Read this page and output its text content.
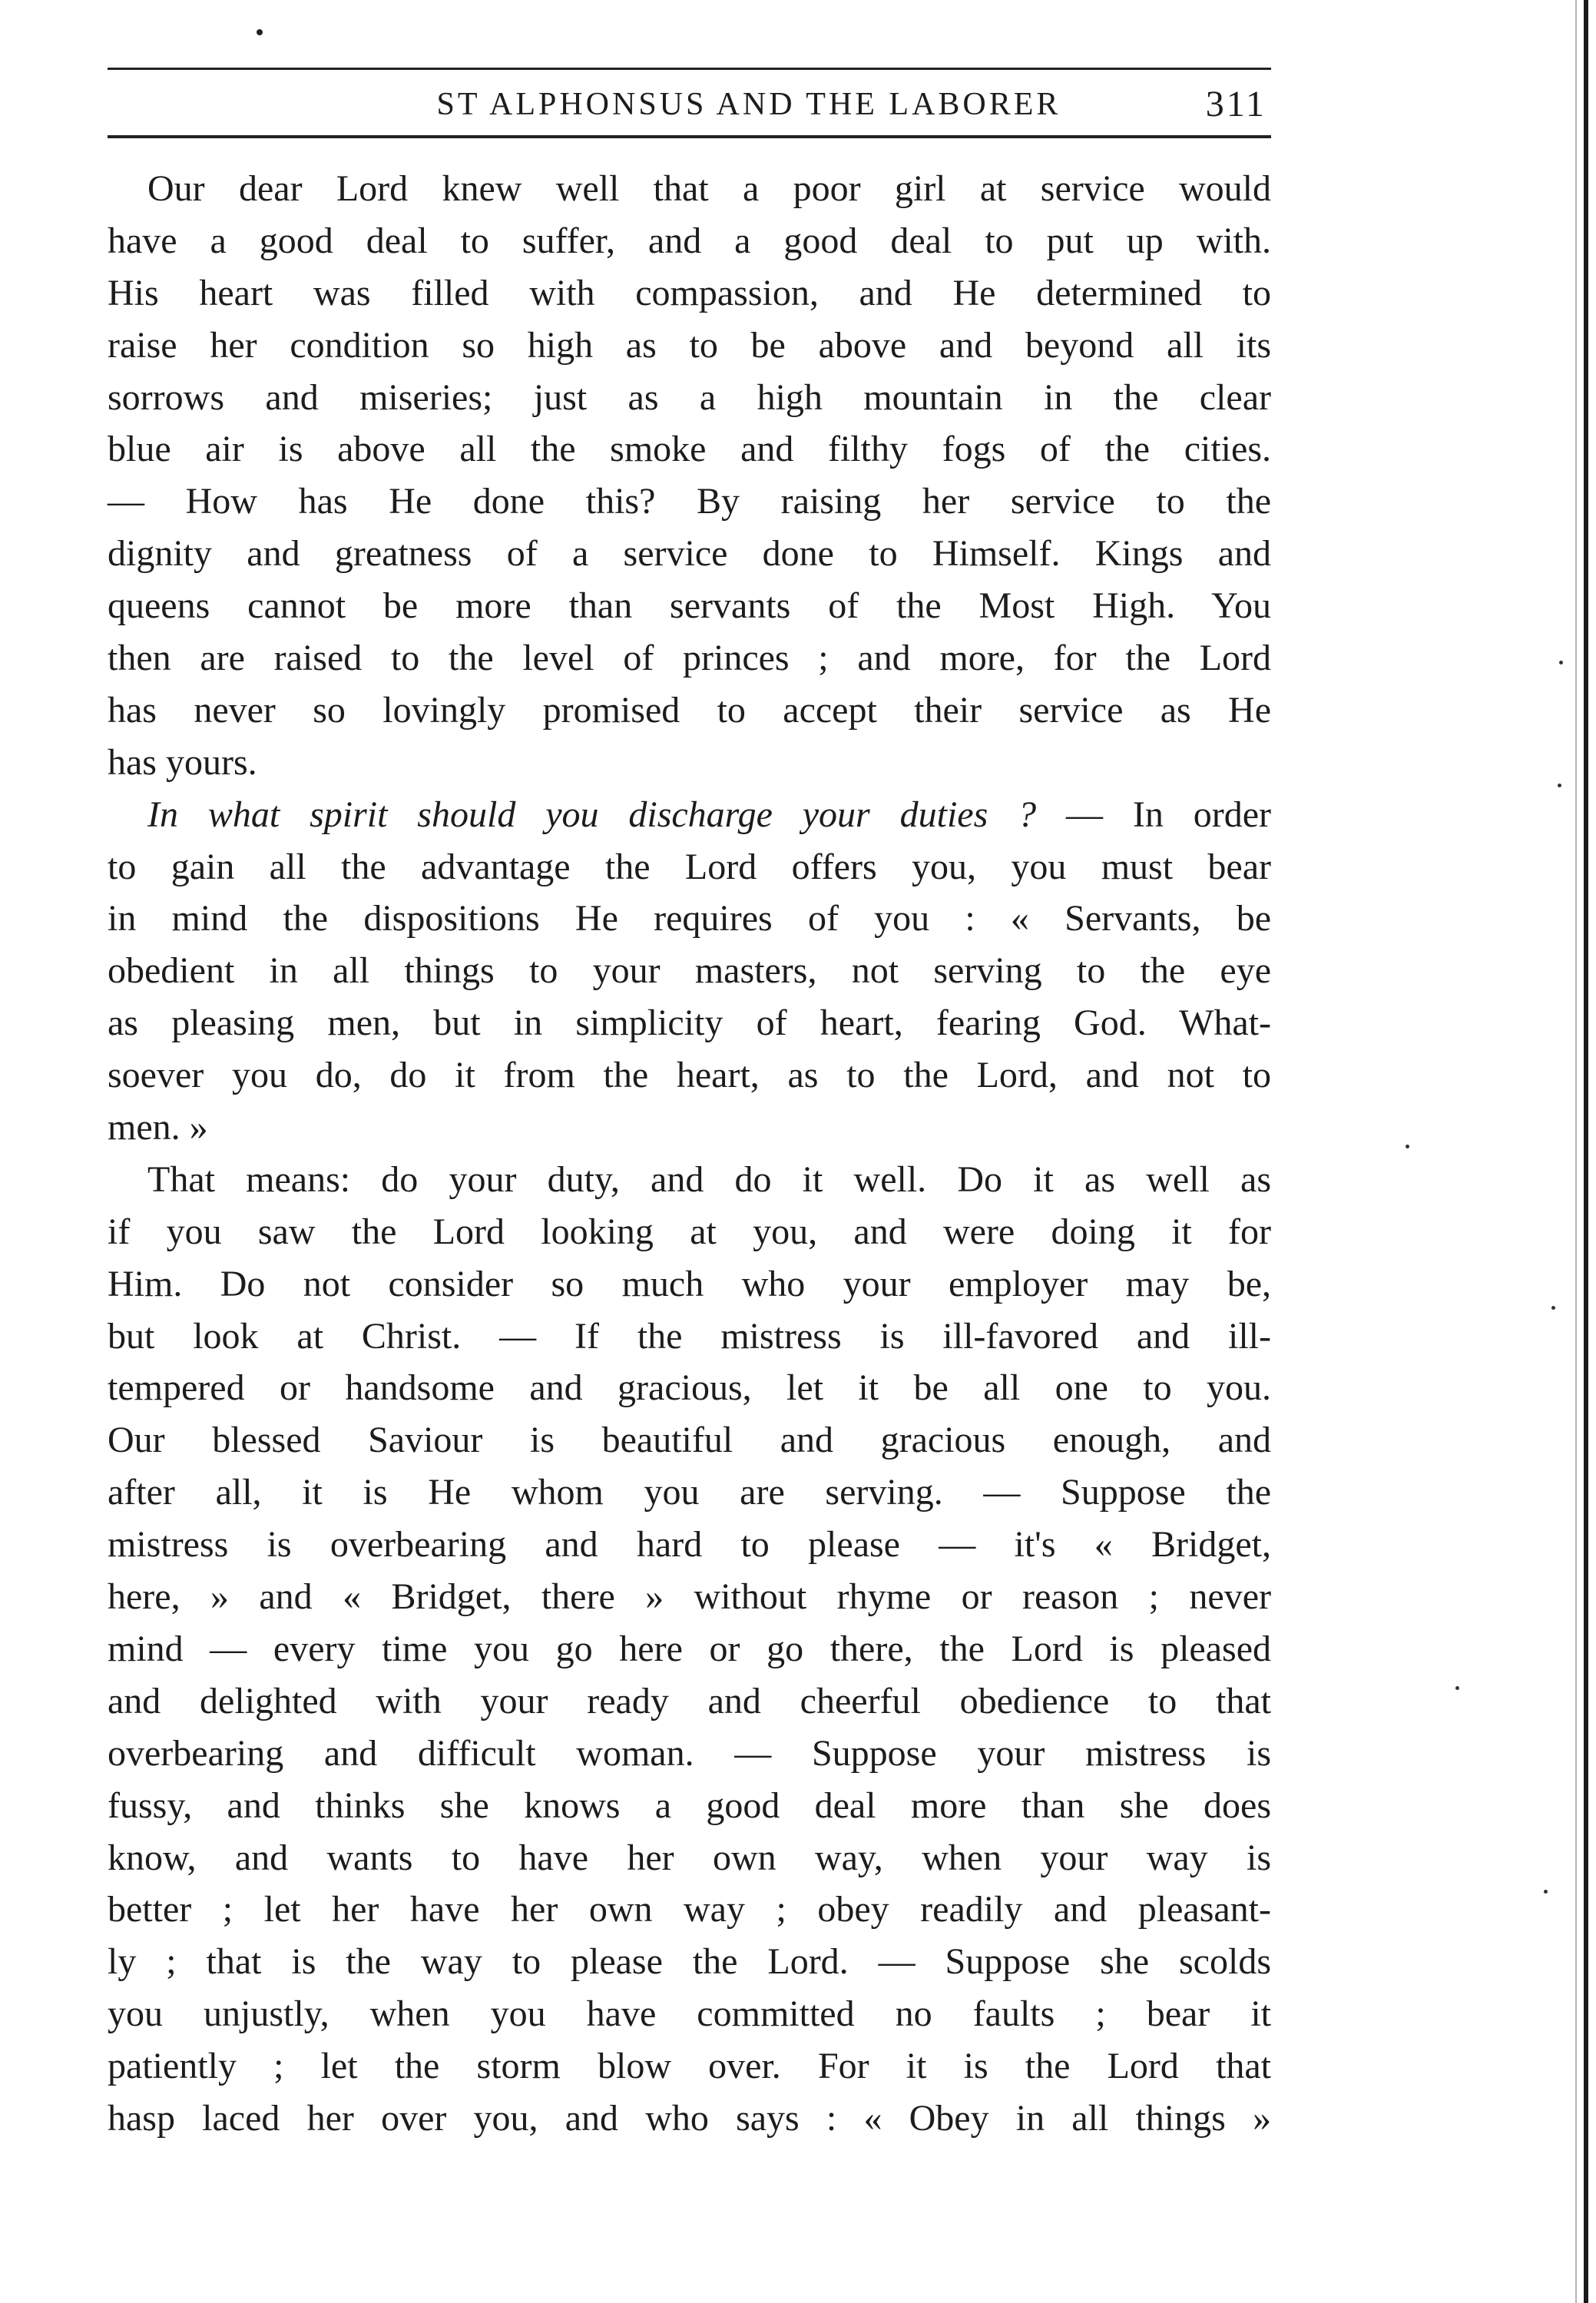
ST ALPHONSUS AND THE LABORER	311
Our dear Lord knew well that a poor girl at service would
have a good deal to suffer, and a good deal to put up with.
His heart was filled with compassion, and He determined to
raise her condition so high as to be above and beyond all its
sorrows and miseries; just as a high mountain in the clear
blue air is above all the smoke and filthy fogs of the cities.
— How has He done this? By raising her service to the
dignity and greatness of a service done to Himself. Kings and
queens cannot be more than servants of the Most High. You
then are raised to the level of princes ; and more, for the Lord
has never so lovingly promised to accept their service as He
has yours.
In what spirit should you discharge your duties ? — In order
to gain all the advantage the Lord offers you, you must bear
in mind the dispositions He requires of you : « Servants, be
obedient in all things to your masters, not serving to the eye
as pleasing men, but in simplicity of heart, fearing God. What-
soever you do, do it from the heart, as to the Lord, and not to
men. »
That means: do your duty, and do it well. Do it as well as
if you saw the Lord looking at you, and were doing it for
Him. Do not consider so much who your employer may be,
but look at Christ. — If the mistress is ill-favored and ill-
tempered or handsome and gracious, let it be all one to you.
Our blessed Saviour is beautiful and gracious enough, and
after all, it is He whom you are serving. — Suppose the
mistress is overbearing and hard to please — it's « Bridget,
here, » and « Bridget, there » without rhyme or reason ; never
mind — every time you go here or go there, the Lord is pleased
and delighted with your ready and cheerful obedience to that
overbearing and difficult woman. — Suppose your mistress is
fussy, and thinks she knows a good deal more than she does
know, and wants to have her own way, when your way is
better ; let her have her own way ; obey readily and pleasant-
ly ; that is the way to please the Lord. — Suppose she scolds
you unjustly, when you have committed no faults ; bear it
patiently ; let the storm blow over. For it is the Lord that
hasp laced her over you, and who says : « Obey in all things »
